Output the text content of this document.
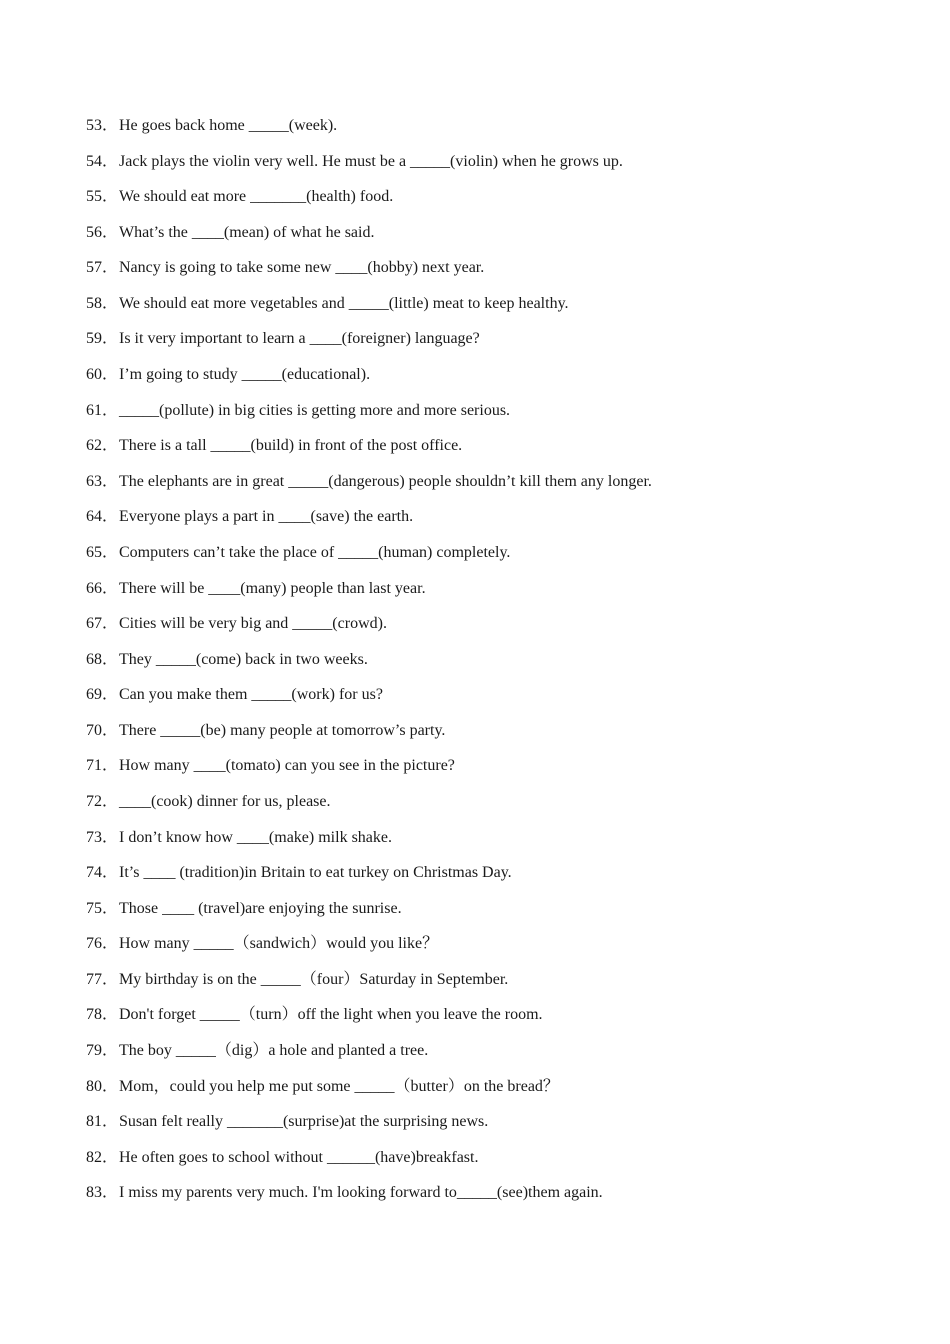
53． He goes back home _____(week).
54． Jack plays the violin very well. He must be a _____(violin) when he grows up.
55． We should eat more _______(health) food.
56． What’s the ____(mean) of what he said.
57． Nancy is going to take some new ____(hobby) next year.
58． We should eat more vegetables and _____(little) meat to keep healthy.
59． Is it very important to learn a ____(foreigner) language?
60． I’m going to study _____(educational).
61． _____(pollute) in big cities is getting more and more serious.
62． There is a tall _____(build) in front of the post office.
63． The elephants are in great _____(dangerous) people shouldn’t kill them any longer.
64． Everyone plays a part in ____(save) the earth.
65． Computers can’t take the place of _____(human) completely.
66． There will be ____(many) people than last year.
67． Cities will be very big and _____(crowd).
68． They _____(come) back in two weeks.
69． Can you make them _____(work) for us?
70． There _____(be) many people at tomorrow’s party.
71． How many ____(tomato) can you see in the picture?
72． ____(cook) dinner for us, please.
73． I don’t know how ____(make) milk shake.
74． It’s ____ (tradition)in Britain to eat turkey on Christmas Day.
75． Those ____ (travel)are enjoying the sunrise.
76． How many _____（sandwich）would you like？
77． My birthday is on the _____（four）Saturday in September.
78． Don't forget _____（turn）off the light when you leave the room.
79． The boy _____（dig）a hole and planted a tree.
80． Mom，could you help me put some _____（butter）on the bread？
81． Susan felt really _______(surprise)at the surprising news.
82． He often goes to school without ______(have)breakfast.
83． I miss my parents very much. I'm looking forward to_____(see)them again.
